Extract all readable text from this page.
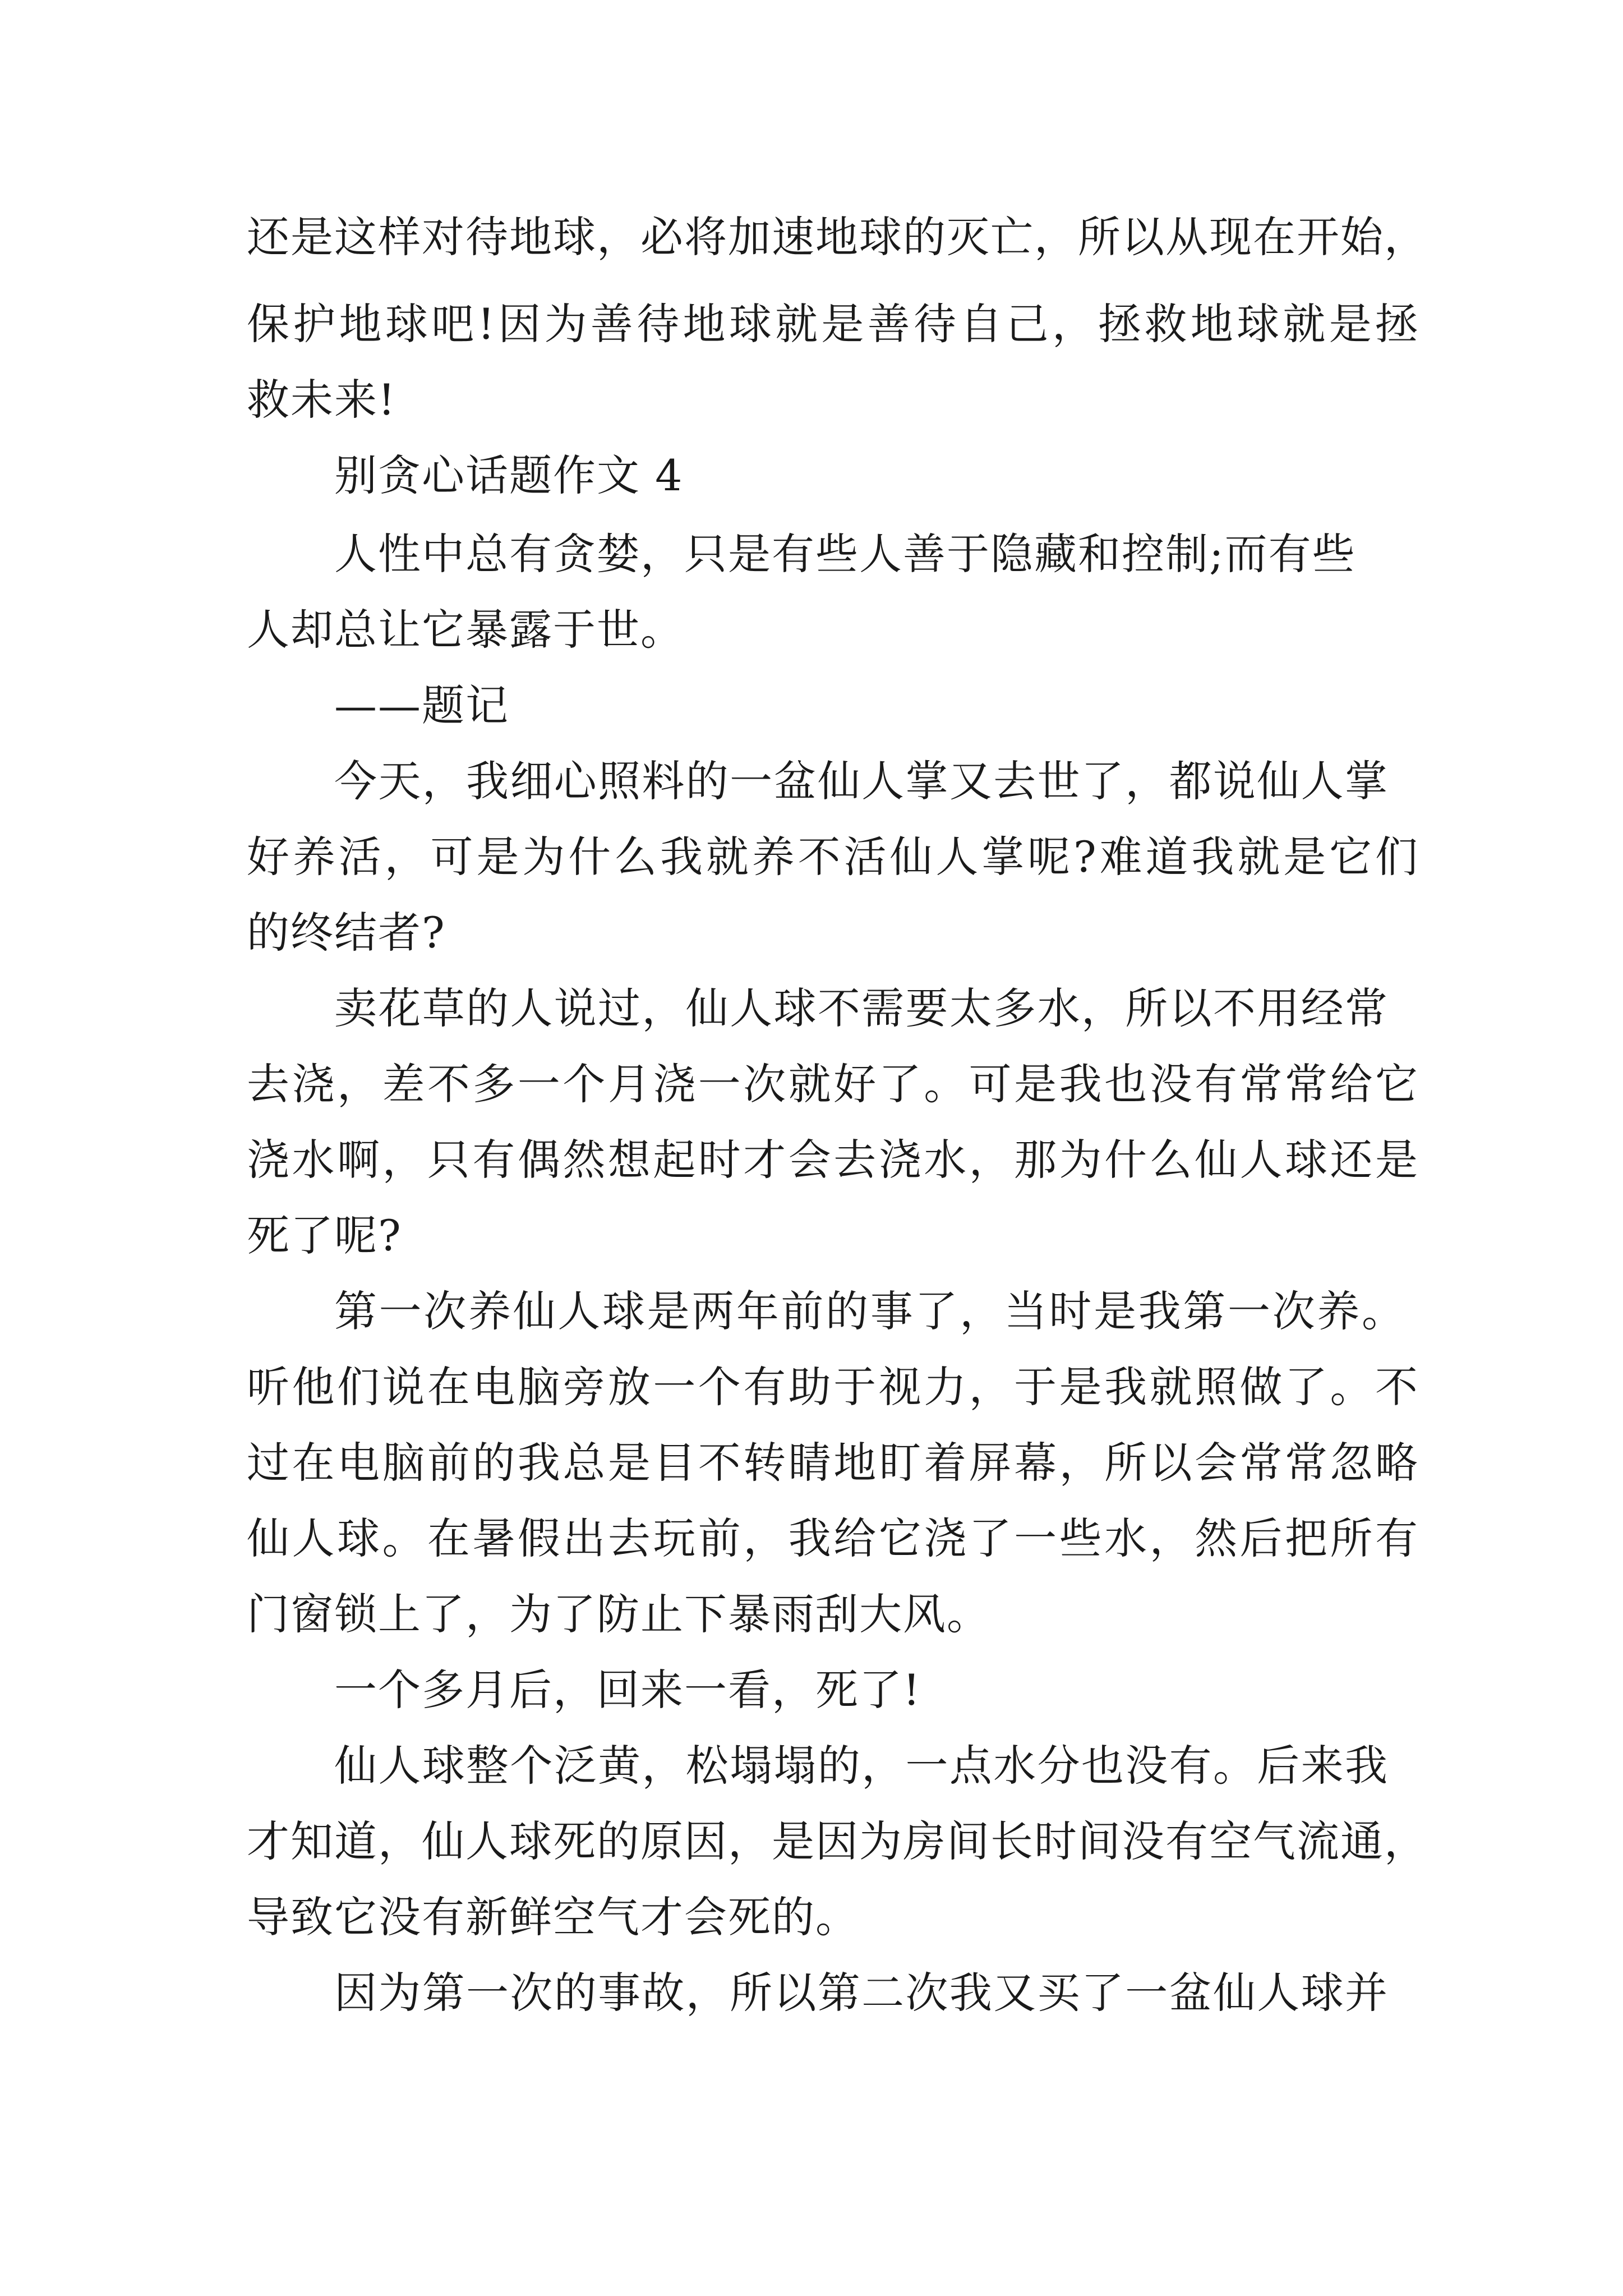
还是这样对待地球，必将加速地球的灭亡，所以从现在开始，
保护地球吧!因为善待地球就是善待自己，拯救地球就是拯
救未来!
别贪心话题作文 4
人性中总有贪婪，只是有些人善于隐藏和控制;而有些
人却总让它暴露于世。
——题记
今天，我细心照料的一盆仙人掌又去世了，都说仙人掌
好养活，可是为什么我就养不活仙人掌呢?难道我就是它们
的终结者?
卖花草的人说过，仙人球不需要太多水，所以不用经常
去浇，差不多一个月浇一次就好了。可是我也没有常常给它
浇水啊，只有偶然想起时才会去浇水，那为什么仙人球还是
死了呢?
第一次养仙人球是两年前的事了，当时是我第一次养。
听他们说在电脑旁放一个有助于视力，于是我就照做了。不
过在电脑前的我总是目不转睛地盯着屏幕，所以会常常忽略
仙人球。在暑假出去玩前，我给它浇了一些水，然后把所有
门窗锁上了，为了防止下暴雨刮大风。
一个多月后，回来一看，死了!
仙人球整个泛黄，松塌塌的，一点水分也没有。后来我
才知道，仙人球死的原因，是因为房间长时间没有空气流通，
导致它没有新鲜空气才会死的。
因为第一次的事故，所以第二次我又买了一盆仙人球并
